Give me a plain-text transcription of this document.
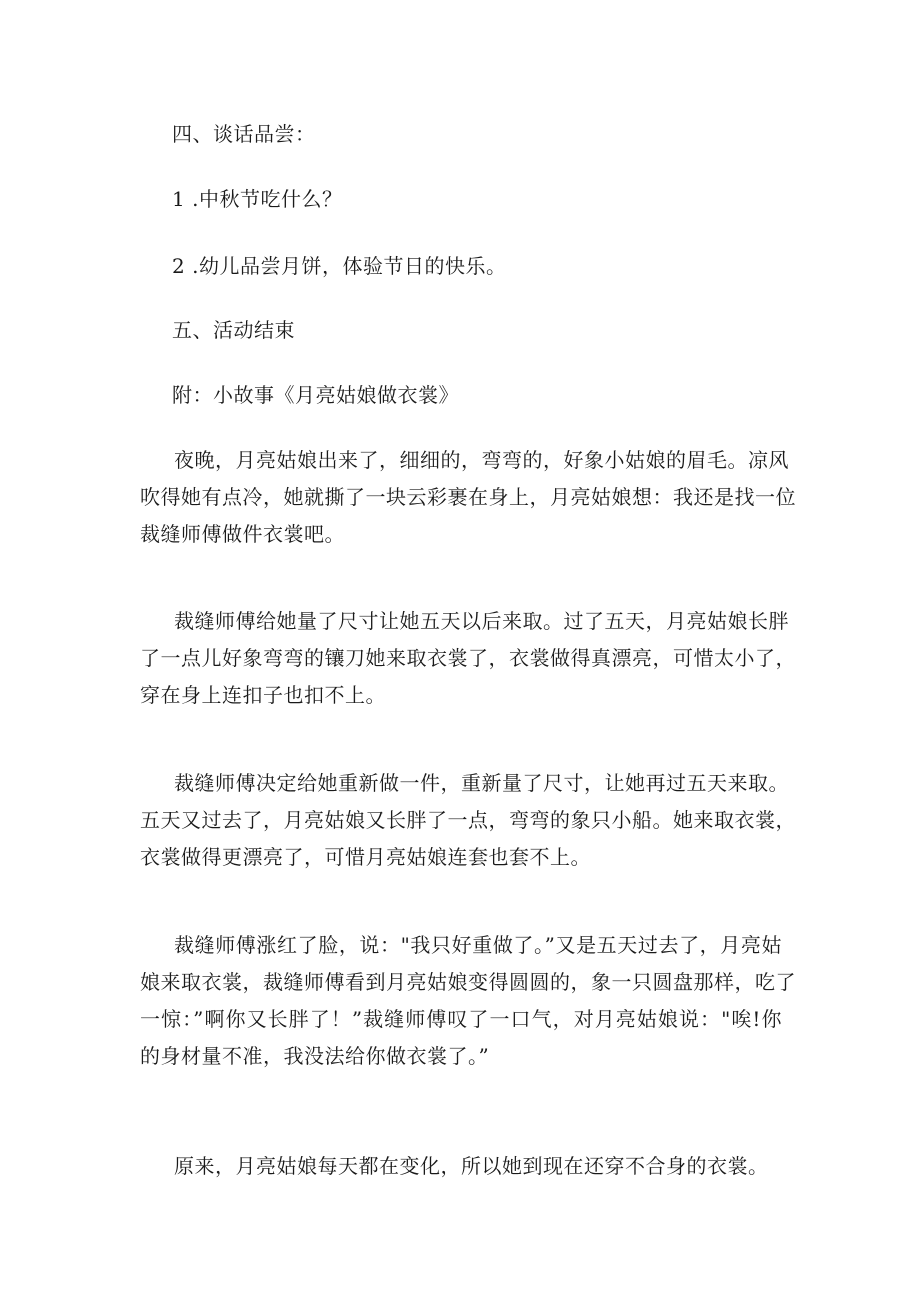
四、谈话品尝：
1 .中秋节吃什么？
2 .幼儿品尝月饼，体验节日的快乐。
五、活动结束
附：小故事《月亮姑娘做衣裳》
夜晚，月亮姑娘出来了，细细的，弯弯的，好象小姑娘的眉毛。凉风
吹得她有点冷，她就撕了一块云彩裹在身上，月亮姑娘想：我还是找一位
裁缝师傅做件衣裳吧。
裁缝师傅给她量了尺寸让她五天以后来取。过了五天，月亮姑娘长胖
了一点儿好象弯弯的镶刀她来取衣裳了，衣裳做得真漂亮，可惜太小了，
穿在身上连扣子也扣不上。
裁缝师傅决定给她重新做一件，重新量了尺寸，让她再过五天来取。
五天又过去了，月亮姑娘又长胖了一点，弯弯的象只小船。她来取衣裳，
衣裳做得更漂亮了，可惜月亮姑娘连套也套不上。
裁缝师傅涨红了脸，说："我只好重做了。”又是五天过去了，月亮姑
娘来取衣裳，裁缝师傅看到月亮姑娘变得圆圆的，象一只圆盘那样，吃了
一惊：”啊你又长胖了！”裁缝师傅叹了一口气，对月亮姑娘说："唉!你
的身材量不准，我没法给你做衣裳了。”
原来，月亮姑娘每天都在变化，所以她到现在还穿不合身的衣裳。
